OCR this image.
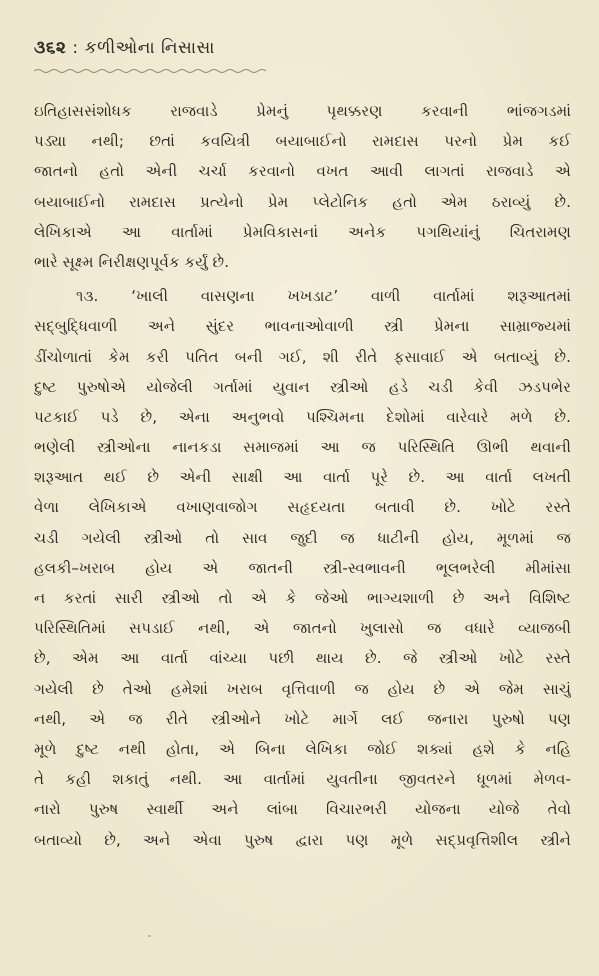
૩૬૨ : કળીઓના નિસાસા
ઇતિહાસસંશોધક રાજવાડે પ્રેમનું પૃથક્કરણ કરવાની ભાંજગડમાં
પડ્યા નથી; છતાં કવયિત્રી બયાબાઈનો રામદાસ પરનો પ્રેમ કઈ
જાતનો હતો એની ચર્ચા કરવાનો વખત આવી લાગતાં રાજવાડે એ
બયાબાઈનો રામદાસ પ્રત્યેનો પ્રેમ પ્લેટોનિક હતો એમ ઠરાવ્યું છે.
લેખિકાએ આ વાર્તામાં પ્રેમવિકાસનાં અનેક પગથિયાંનું ચિતરામણ
ભારે સૂક્ષ્મ નિરીક્ષણપૂર્વક કર્યું છે.
૧૩. ‘ખાલી વાસણના ખખડાટ’ વાળી વાર્તામાં શરૂઆતમાં
સદ્બુદ્ધિવાળી અને સુંદર ભાવનાઓવાળી સ્ત્રી પ્રેમના સામ્રાજ્યમાં
ડીંચોળાતાં કેમ કરી પતિત બની ગઈ, શી રીતે ફસાવાઈ એ બતાવ્યું છે.
દુષ્ટ પુરુષોએ યોજેલી ગર્તામાં યુવાન સ્ત્રીઓ હડે ચડી કેવી ઝડપભેર
પટકાઈ પડે છે, એના અનુભવો પશ્ચિમના દેશોમાં વારેવારે મળે છે.
ભણેલી સ્ત્રીઓના નાનકડા સમાજમાં આ જ પરિસ્થિતિ ઊભી થવાની
શરૂઆત થઈ છે એની સાક્ષી આ વાર્તા પૂરે છે. આ વાર્તા લખતી
વેળા લેખિકાએ વખાણવાજોગ સહૃદયતા બતાવી છે. ખોટે રસ્તે
ચડી ગયેલી સ્ત્રીઓ તો સાવ જુદી જ ધાટીની હોય, મૂળમાં જ
હલકી–ખરાબ હોય એ જાતની સ્ત્રી-સ્વભાવની ભૂલભરેલી મીમાંસા
ન કરતાં સારી સ્ત્રીઓ તો એ કે જેઓ ભાગ્યશાળી છે અને વિશિષ્ટ
પરિસ્થિતિમાં સપડાઈ નથી, એ જાતનો ખુલાસો જ વધારે વ્યાજબી
છે, એમ આ વાર્તા વાંચ્યા પછી થાય છે. જે સ્ત્રીઓ ખોટે રસ્તે
ગયેલી છે તેઓ હમેશાં ખરાબ વૃત્તિવાળી જ હોય છે એ જેમ સાચું
નથી, એ જ રીતે સ્ત્રીઓને ખોટે માર્ગે લઈ જનારા પુરુષો પણ
મૂળે દુષ્ટ નથી હોતા, એ બિના લેખિકા જોઈ શક્યાં હશે કે નહિ
તે કહી શકાતું નથી. આ વાર્તામાં યુવતીના જીવતરને ધૂળમાં મેળવ-
નારો પુરુષ સ્વાર્થી અને લાંબા વિચારભરી યોજના યોજે તેવો
બતાવ્યો છે, અને એવા પુરુષ દ્વારા પણ મૂળે સદ્પ્રવૃત્તિશીલ સ્ત્રીને
